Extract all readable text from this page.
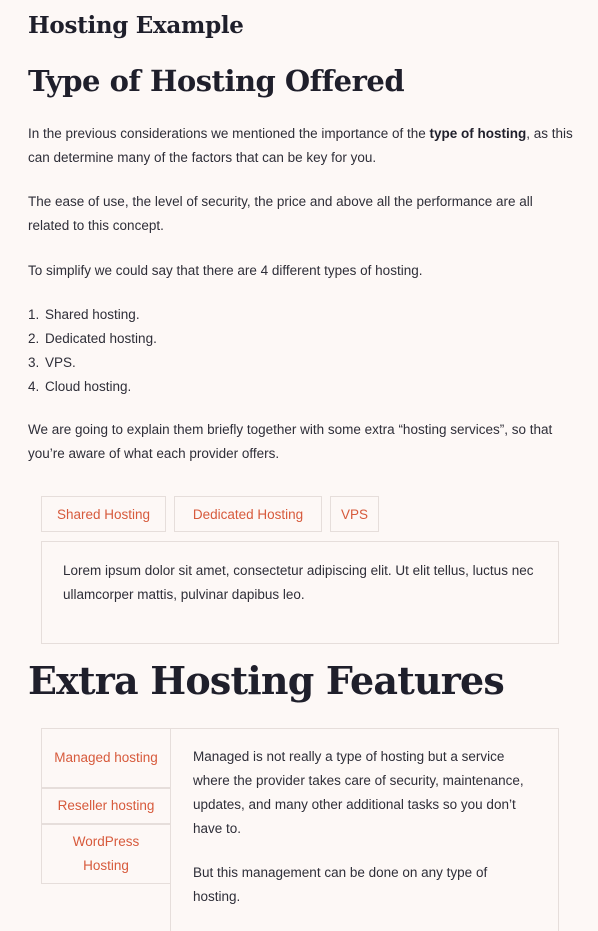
Hosting Example
Type of Hosting Offered

In the previous considerations we mentioned the importance of the type of hosting, as this can determine many of the factors that can be key for you.

The ease of use, the level of security, the price and above all the performance are all related to this concept.

To simplify we could say that there are 4 different types of hosting.

1. Shared hosting.
2. Dedicated hosting.
3. VPS.
4. Cloud hosting.

We are going to explain them briefly together with some extra “hosting services”, so that you’re aware of what each provider offers.

Shared Hosting	Dedicated Hosting	VPS
Lorem ipsum dolor sit amet, consectetur adipiscing elit. Ut elit tellus, luctus nec ullamcorper mattis, pulvinar dapibus leo.
Extra Hosting Features
Managed hosting
Reseller hosting
WordPress Hosting

Managed is not really a type of hosting but a service where the provider takes care of security, maintenance, updates, and many other additional tasks so you don’t have to.

But this management can be done on any type of hosting.
